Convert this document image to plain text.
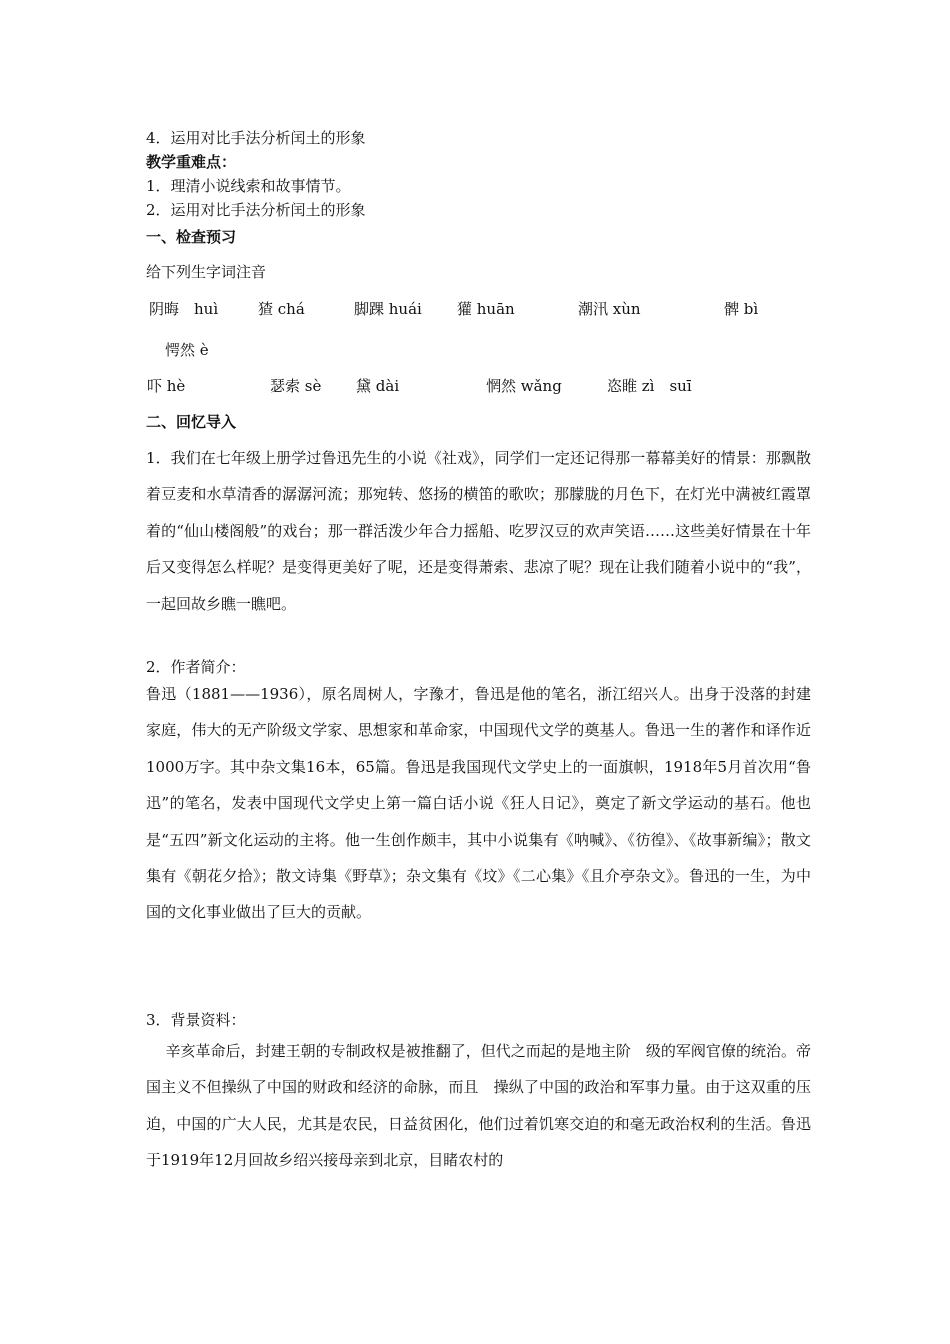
4．运用对比手法分析闰土的形象

教学重难点：

1．理清小说线索和故事情节。

2．运用对比手法分析闰土的形象

一、检查预习

给下列生字词注音

阴晦　huì	猹 chá	脚踝 huái 獾 huān	潮汛 xùn	髀 bì
愕然 è
吓 hè	瑟索 sè 黛 dài	惘然 wǎng	恣睢 zì　suī

二、回忆导入

1．我们在七年级上册学过鲁迅先生的小说《社戏》，同学们一定还记得那一幕幕美好的情景：那飘散着豆麦和水草清香的潺潺河流；那宛转、悠扬的横笛的歌吹；那朦胧的月色下，在灯光中满被红霞罩着的“仙山楼阁般”的戏台；那一群活泼少年合力摇船、吃罗汉豆的欢声笑语……这些美好情景在十年后又变得怎么样呢？是变得更美好了呢，还是变得萧索、悲凉了呢？现在让我们随着小说中的“我”，一起回故乡瞧一瞧吧。

2．作者简介：

鲁迅（1881——1936），原名周树人，字豫才，鲁迅是他的笔名，浙江绍兴人。出身于没落的封建家庭，伟大的无产阶级文学家、思想家和革命家，中国现代文学的奠基人。鲁迅一生的著作和译作近1000万字。其中杂文集16本，65篇。鲁迅是我国现代文学史上的一面旗帜，1918年5月首次用“鲁迅”的笔名，发表中国现代文学史上第一篇白话小说《狂人日记》，奠定了新文学运动的基石。他也是“五四”新文化运动的主将。他一生创作颇丰，其中小说集有《呐喊》、《彷徨》、《故事新编》；散文集有《朝花夕拾》；散文诗集《野草》；杂文集有《坟》《二心集》《且介亭杂文》。鲁迅的一生，为中国的文化事业做出了巨大的贡献。

3．背景资料：

辛亥革命后，封建王朝的专制政权是被推翻了，但代之而起的是地主阶　级的军阀官僚的统治。帝国主义不但操纵了中国的财政和经济的命脉，而且　操纵了中国的政治和军事力量。由于这双重的压迫，中国的广大人民，尤其是农民，日益贫困化，他们过着饥寒交迫的和毫无政治权利的生活。鲁迅于1919年12月回故乡绍兴接母亲到北京，目睹农村的
